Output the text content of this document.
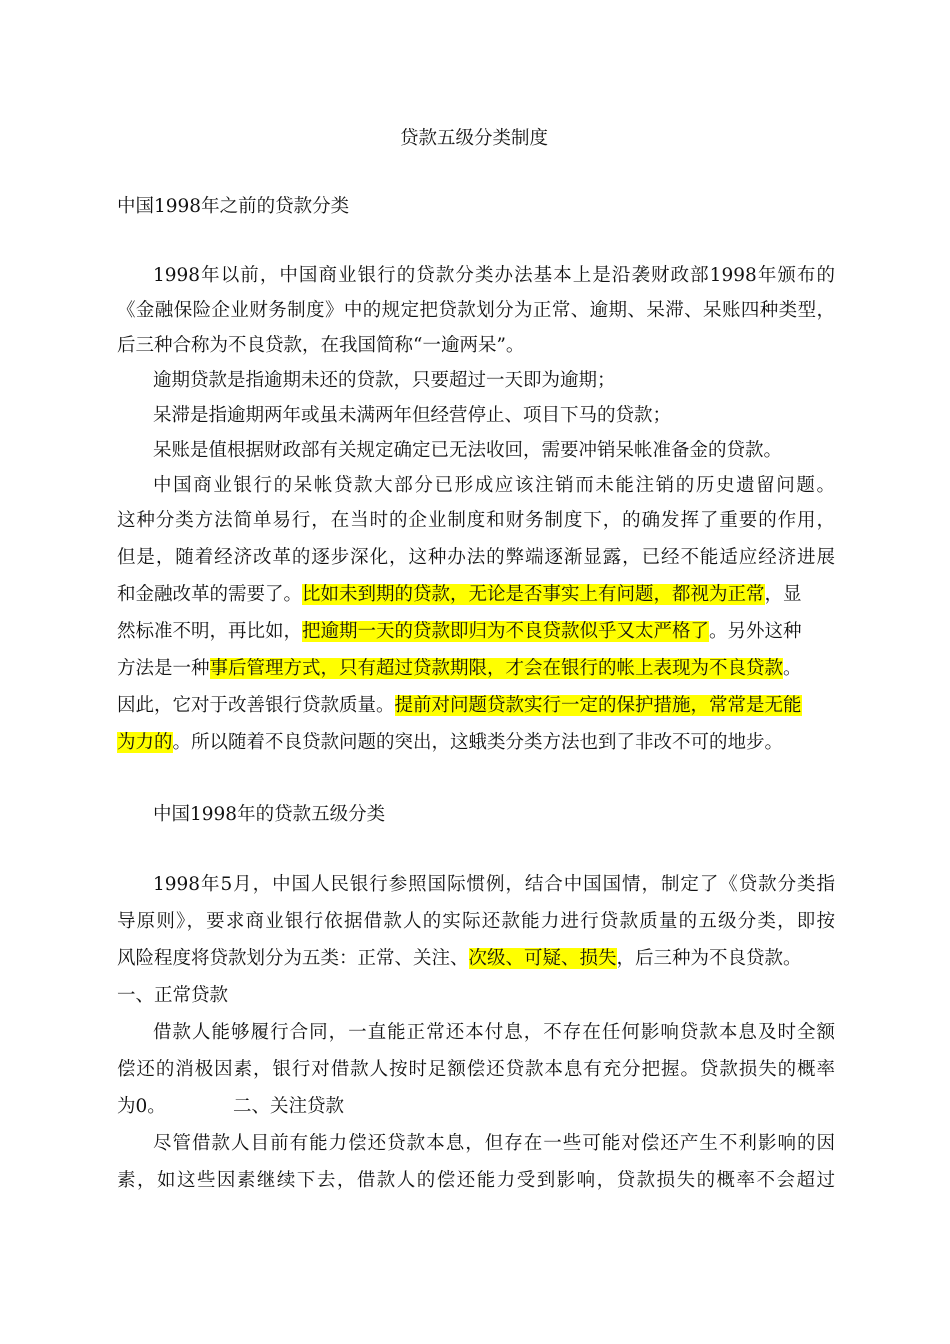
贷款五级分类制度
中国1998年之前的贷款分类
1998年以前，中国商业银行的贷款分类办法基本上是沿袭财政部1998年颁布的
《金融保险企业财务制度》中的规定把贷款划分为正常、逾期、呆滞、呆账四种类型，
后三种合称为不良贷款，在我国简称“一逾两呆”。
逾期贷款是指逾期未还的贷款，只要超过一天即为逾期；
呆滞是指逾期两年或虽未满两年但经营停止、项目下马的贷款；
呆账是值根据财政部有关规定确定已无法收回，需要冲销呆帐准备金的贷款。
中国商业银行的呆帐贷款大部分已形成应该注销而未能注销的历史遗留问题。
这种分类方法简单易行，在当时的企业制度和财务制度下，的确发挥了重要的作用，
但是，随着经济改革的逐步深化，这种办法的弊端逐渐显露，已经不能适应经济进展
和金融改革的需要了。比如未到期的贷款，无论是否事实上有问题，都视为正常，显
然标准不明，再比如，把逾期一天的贷款即归为不良贷款似乎又太严格了。另外这种
方法是一种事后管理方式，只有超过贷款期限，才会在银行的帐上表现为不良贷款。
因此，它对于改善银行贷款质量。提前对问题贷款实行一定的保护措施，常常是无能
为力的。所以随着不良贷款问题的突出，这蛾类分类方法也到了非改不可的地步。
中国1998年的贷款五级分类
1998年5月，中国人民银行参照国际惯例，结合中国国情，制定了《贷款分类指
导原则》，要求商业银行依据借款人的实际还款能力进行贷款质量的五级分类，即按
风险程度将贷款划分为五类：正常、关注、次级、可疑、损失，后三种为不良贷款。
一、正常贷款
借款人能够履行合同，一直能正常还本付息，不存在任何影响贷款本息及时全额
偿还的消极因素，银行对借款人按时足额偿还贷款本息有充分把握。贷款损失的概率
为0。	二、关注贷款
尽管借款人目前有能力偿还贷款本息，但存在一些可能对偿还产生不利影响的因
素，如这些因素继续下去，借款人的偿还能力受到影响，贷款损失的概率不会超过
